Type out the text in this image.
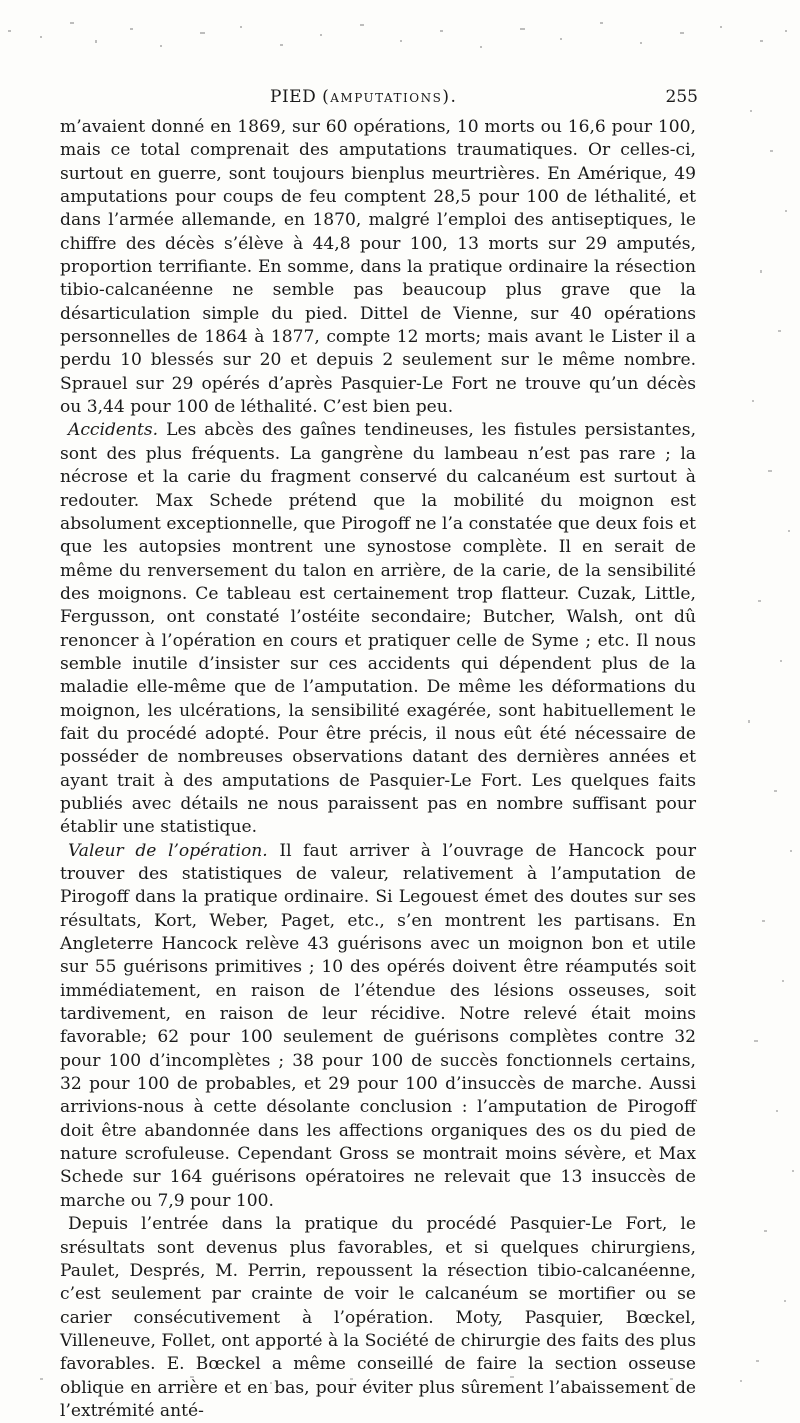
PIED (amputations).	255

m’avaient donné en 1869, sur 60 opérations, 10 morts ou 16,6 pour 100, mais ce total comprenait des amputations traumatiques. Or celles-ci, surtout en guerre, sont toujours bienplus meurtrières. En Amérique, 49 amputations pour coups de feu comptent 28,5 pour 100 de léthalité, et dans l’armée allemande, en 1870, malgré l’emploi des antiseptiques, le chiffre des décès s’élève à 44,8 pour 100, 13 morts sur 29 amputés, proportion terrifiante. En somme, dans la pratique ordinaire la résection tibio-calcanéenne ne semble pas beaucoup plus grave que la désarticulation simple du pied. Dittel de Vienne, sur 40 opérations personnelles de 1864 à 1877, compte 12 morts; mais avant le Lister il a perdu 10 blessés sur 20 et depuis 2 seulement sur le même nombre. Sprauel sur 29 opérés d’après Pasquier-Le Fort ne trouve qu’un décès ou 3,44 pour 100 de léthalité. C’est bien peu.

Accidents. Les abcès des gaînes tendineuses, les fistules persistantes, sont des plus fréquents. La gangrène du lambeau n’est pas rare ; la nécrose et la carie du fragment conservé du calcanéum est surtout à redouter. Max Schede prétend que la mobilité du moignon est absolument exceptionnelle, que Pirogoff ne l’a constatée que deux fois et que les autopsies montrent une synostose complète. Il en serait de même du renversement du talon en arrière, de la carie, de la sensibilité des moignons. Ce tableau est certainement trop flatteur. Cuzak, Little, Fergusson, ont constaté l’ostéite secondaire; Butcher, Walsh, ont dû renoncer à l’opération en cours et pratiquer celle de Syme ; etc. Il nous semble inutile d’insister sur ces accidents qui dépendent plus de la maladie elle-même que de l’amputation. De même les déformations du moignon, les ulcérations, la sensibilité exagérée, sont habituellement le fait du procédé adopté. Pour être précis, il nous eût été nécessaire de posséder de nombreuses observations datant des dernières années et ayant trait à des amputations de Pasquier-Le Fort. Les quelques faits publiés avec détails ne nous paraissent pas en nombre suffisant pour établir une statistique.

Valeur de l’opération. Il faut arriver à l’ouvrage de Hancock pour trouver des statistiques de valeur, relativement à l’amputation de Pirogoff dans la pratique ordinaire. Si Legouest émet des doutes sur ses résultats, Kort, Weber, Paget, etc., s’en montrent les partisans. En Angleterre Hancock relève 43 guérisons avec un moignon bon et utile sur 55 guérisons primitives ; 10 des opérés doivent être réamputés soit immédiatement, en raison de l’étendue des lésions osseuses, soit tardivement, en raison de leur récidive. Notre relevé était moins favorable; 62 pour 100 seulement de guérisons complètes contre 32 pour 100 d’incomplètes ; 38 pour 100 de succès fonctionnels certains, 32 pour 100 de probables, et 29 pour 100 d’insuccès de marche. Aussi arrivions-nous à cette désolante conclusion : l’amputation de Pirogoff doit être abandonnée dans les affections organiques des os du pied de nature scrofuleuse. Cependant Gross se montrait moins sévère, et Max Schede sur 164 guérisons opératoires ne relevait que 13 insuccès de marche ou 7,9 pour 100.

Depuis l’entrée dans la pratique du procédé Pasquier-Le Fort, le srésultats sont devenus plus favorables, et si quelques chirurgiens, Paulet, Després, M. Perrin, repoussent la résection tibio-calcanéenne, c’est seulement par crainte de voir le calcanéum se mortifier ou se carier consécutivement à l’opération. Moty, Pasquier, Bœckel, Villeneuve, Follet, ont apporté à la Société de chirurgie des faits des plus favorables. E. Bœckel a même conseillé de faire la section osseuse oblique en arrière et en bas, pour éviter plus sûrement l’abaissement de l’extrémité anté-
